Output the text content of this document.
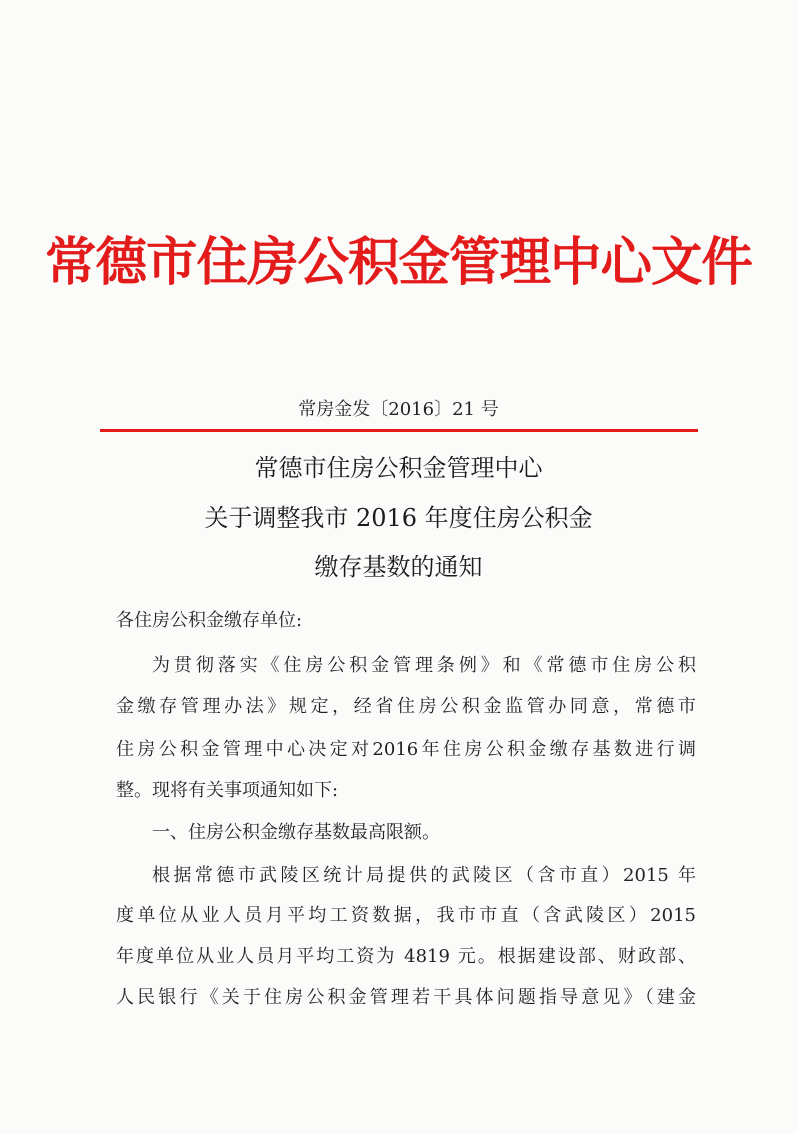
常德市住房公积金管理中心文件
常房金发〔2016〕21 号
常德市住房公积金管理中心
关于调整我市 2016 年度住房公积金
缴存基数的通知
各住房公积金缴存单位:
为贯彻落实《住房公积金管理条例》和《常德市住房公积
金缴存管理办法》规定，经省住房公积金监管办同意，常德市
住房公积金管理中心决定对2016年住房公积金缴存基数进行调
整。现将有关事项通知如下:
一、住房公积金缴存基数最高限额。
根据常德市武陵区统计局提供的武陵区（含市直）2015 年
度单位从业人员月平均工资数据，我市市直（含武陵区）2015
年度单位从业人员月平均工资为 4819 元。根据建设部、财政部、
人民银行《关于住房公积金管理若干具体问题指导意见》（建金
